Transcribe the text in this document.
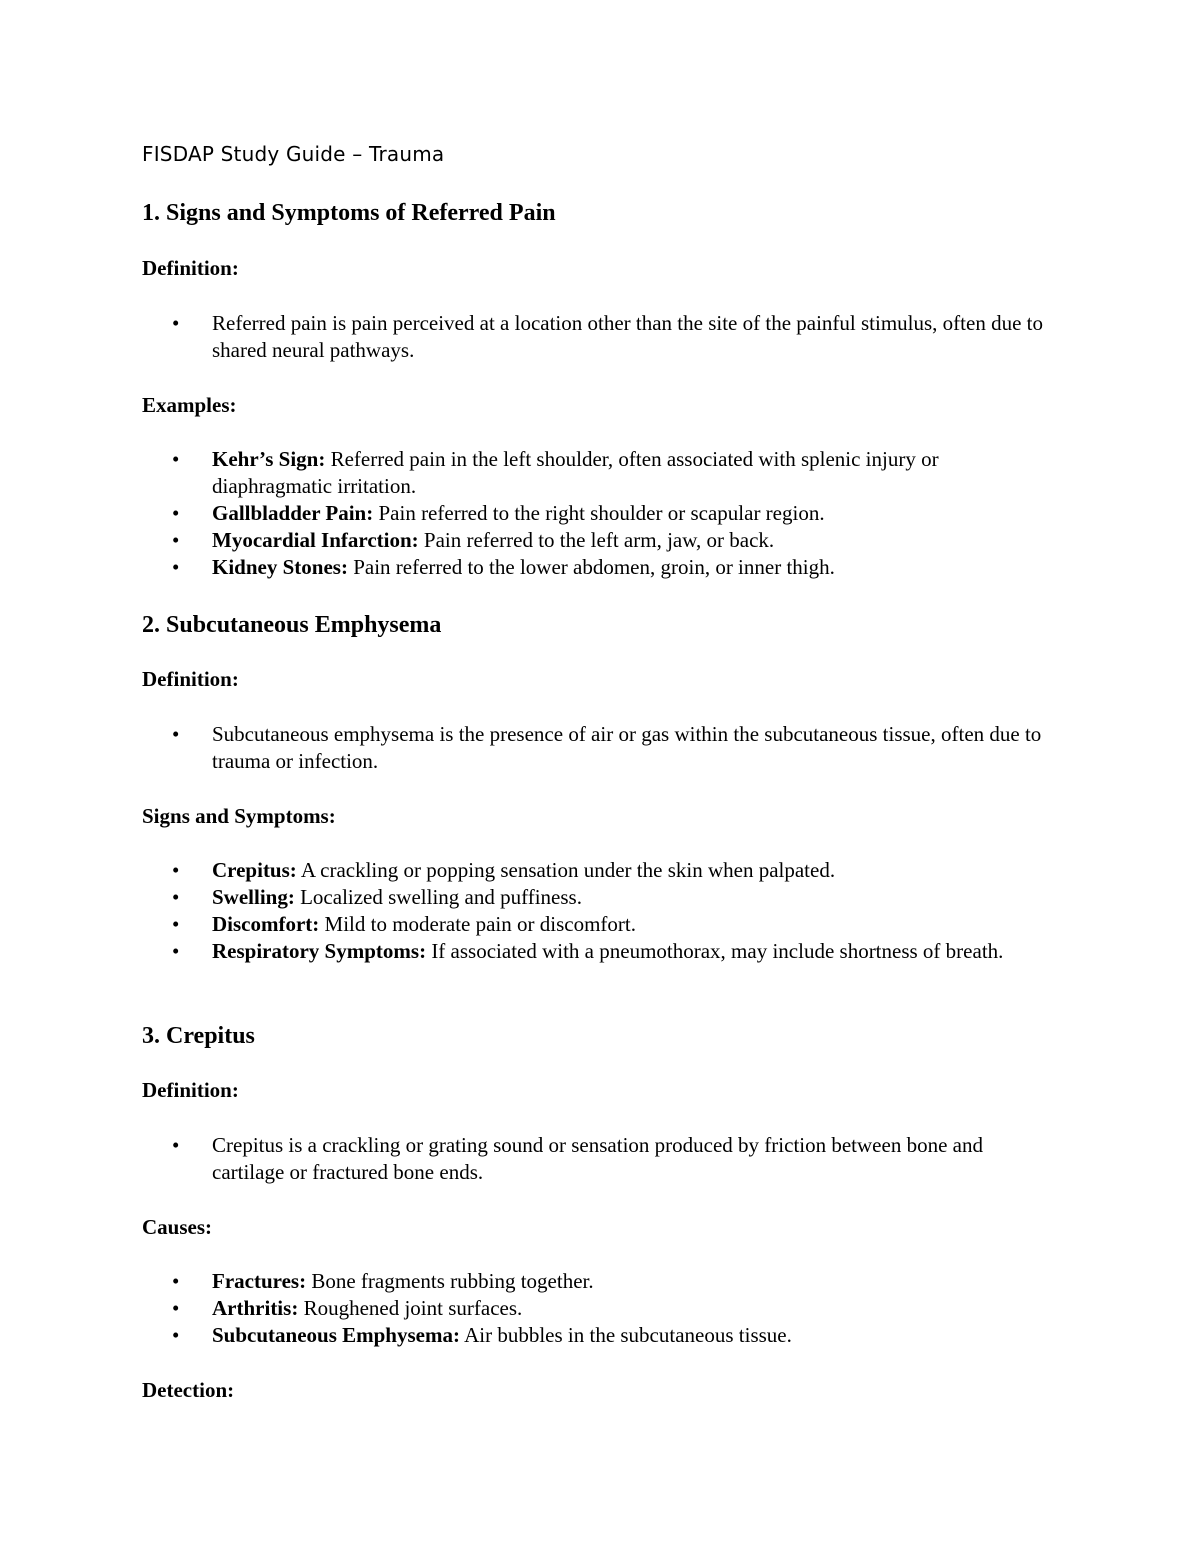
FISDAP Study Guide – Trauma
1. Signs and Symptoms of Referred Pain
Definition:
• Referred pain is pain perceived at a location other than the site of the painful stimulus, often due to shared neural pathways.
Examples:
• Kehr’s Sign: Referred pain in the left shoulder, often associated with splenic injury or diaphragmatic irritation.
• Gallbladder Pain: Pain referred to the right shoulder or scapular region.
• Myocardial Infarction: Pain referred to the left arm, jaw, or back.
• Kidney Stones: Pain referred to the lower abdomen, groin, or inner thigh.
2. Subcutaneous Emphysema
Definition:
• Subcutaneous emphysema is the presence of air or gas within the subcutaneous tissue, often due to trauma or infection.
Signs and Symptoms:
• Crepitus: A crackling or popping sensation under the skin when palpated.
• Swelling: Localized swelling and puffiness.
• Discomfort: Mild to moderate pain or discomfort.
• Respiratory Symptoms: If associated with a pneumothorax, may include shortness of breath.
3. Crepitus
Definition:
• Crepitus is a crackling or grating sound or sensation produced by friction between bone and cartilage or fractured bone ends.
Causes:
• Fractures: Bone fragments rubbing together.
• Arthritis: Roughened joint surfaces.
• Subcutaneous Emphysema: Air bubbles in the subcutaneous tissue.
Detection:
